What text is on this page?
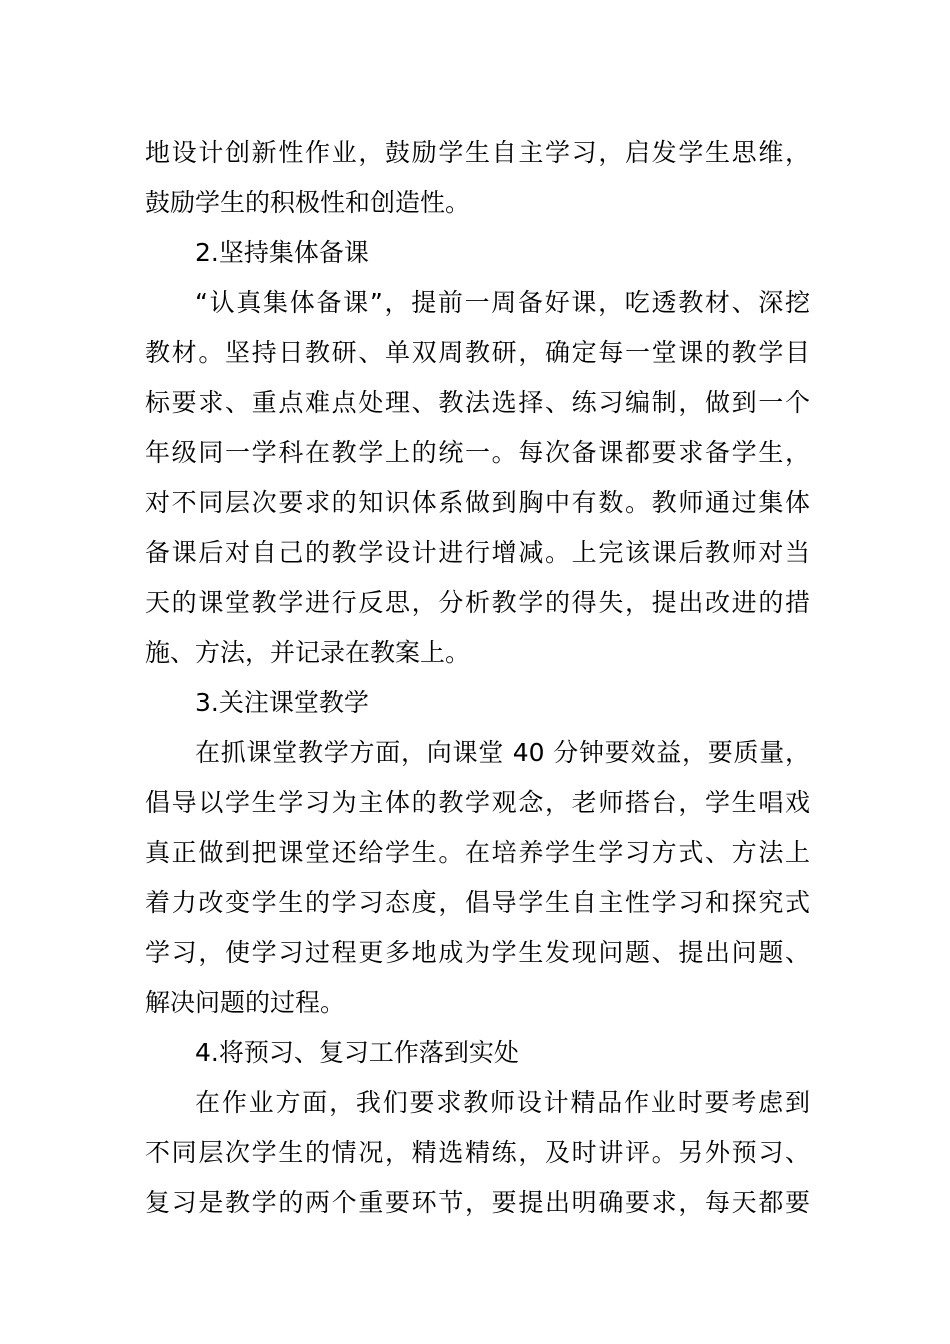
地设计创新性作业，鼓励学生自主学习，启发学生思维，
鼓励学生的积极性和创造性。
2.坚持集体备课
“认真集体备课”，提前一周备好课，吃透教材、深挖
教材。坚持日教研、单双周教研，确定每一堂课的教学目
标要求、重点难点处理、教法选择、练习编制，做到一个
年级同一学科在教学上的统一。每次备课都要求备学生，
对不同层次要求的知识体系做到胸中有数。教师通过集体
备课后对自己的教学设计进行增减。上完该课后教师对当
天的课堂教学进行反思，分析教学的得失，提出改进的措
施、方法，并记录在教案上。
3.关注课堂教学
在抓课堂教学方面，向课堂 40 分钟要效益，要质量，
倡导以学生学习为主体的教学观念，老师搭台，学生唱戏
真正做到把课堂还给学生。在培养学生学习方式、方法上
着力改变学生的学习态度，倡导学生自主性学习和探究式
学习，使学习过程更多地成为学生发现问题、提出问题、
解决问题的过程。
4.将预习、复习工作落到实处
在作业方面，我们要求教师设计精品作业时要考虑到
不同层次学生的情况，精选精练，及时讲评。另外预习、
复习是教学的两个重要环节，要提出明确要求，每天都要
